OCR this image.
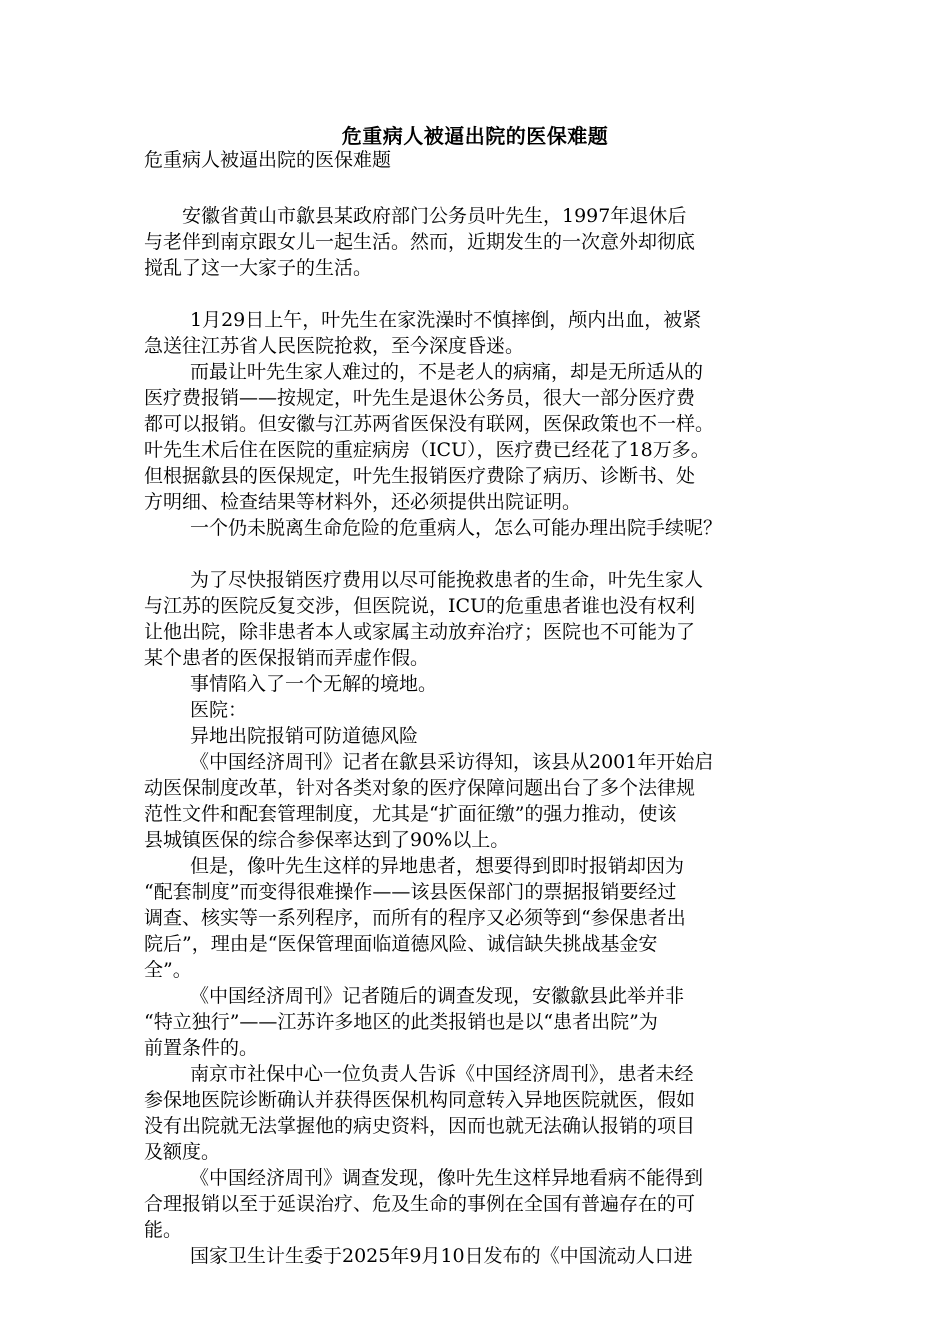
危重病人被逼出院的医保难题

危重病人被逼出院的医保难题

安徽省黄山市歙县某政府部门公务员叶先生，1997年退休后

与老伴到南京跟女儿一起生活。然而，近期发生的一次意外却彻底

搅乱了这一大家子的生活。

1月29日上午，叶先生在家洗澡时不慎摔倒，颅内出血，被紧

急送往江苏省人民医院抢救，至今深度昏迷。

而最让叶先生家人难过的，不是老人的病痛，却是无所适从的

医疗费报销——按规定，叶先生是退休公务员，很大一部分医疗费

都可以报销。但安徽与江苏两省医保没有联网，医保政策也不一样。

叶先生术后住在医院的重症病房（ICU），医疗费已经花了18万多。

但根据歙县的医保规定，叶先生报销医疗费除了病历、诊断书、处

方明细、检查结果等材料外，还必须提供出院证明。

一个仍未脱离生命危险的危重病人，怎么可能办理出院手续呢？

为了尽快报销医疗费用以尽可能挽救患者的生命，叶先生家人

与江苏的医院反复交涉，但医院说，ICU的危重患者谁也没有权利

让他出院，除非患者本人或家属主动放弃治疗；医院也不可能为了

某个患者的医保报销而弄虚作假。

事情陷入了一个无解的境地。

医院：

异地出院报销可防道德风险

《中国经济周刊》记者在歙县采访得知，该县从2001年开始启

动医保制度改革，针对各类对象的医疗保障问题出台了多个法律规

范性文件和配套管理制度，尤其是“扩面征缴”的强力推动，使该

县城镇医保的综合参保率达到了90%以上。

但是，像叶先生这样的异地患者，想要得到即时报销却因为

“配套制度”而变得很难操作——该县医保部门的票据报销要经过

调查、核实等一系列程序，而所有的程序又必须等到“参保患者出

院后”，理由是“医保管理面临道德风险、诚信缺失挑战基金安

全”。

《中国经济周刊》记者随后的调查发现，安徽歙县此举并非

“特立独行”——江苏许多地区的此类报销也是以“患者出院”为

前置条件的。

南京市社保中心一位负责人告诉《中国经济周刊》，患者未经

参保地医院诊断确认并获得医保机构同意转入异地医院就医，假如

没有出院就无法掌握他的病史资料，因而也就无法确认报销的项目

及额度。

《中国经济周刊》调查发现，像叶先生这样异地看病不能得到

合理报销以至于延误治疗、危及生命的事例在全国有普遍存在的可

能。

国家卫生计生委于2025年9月10日发布的《中国流动人口进
